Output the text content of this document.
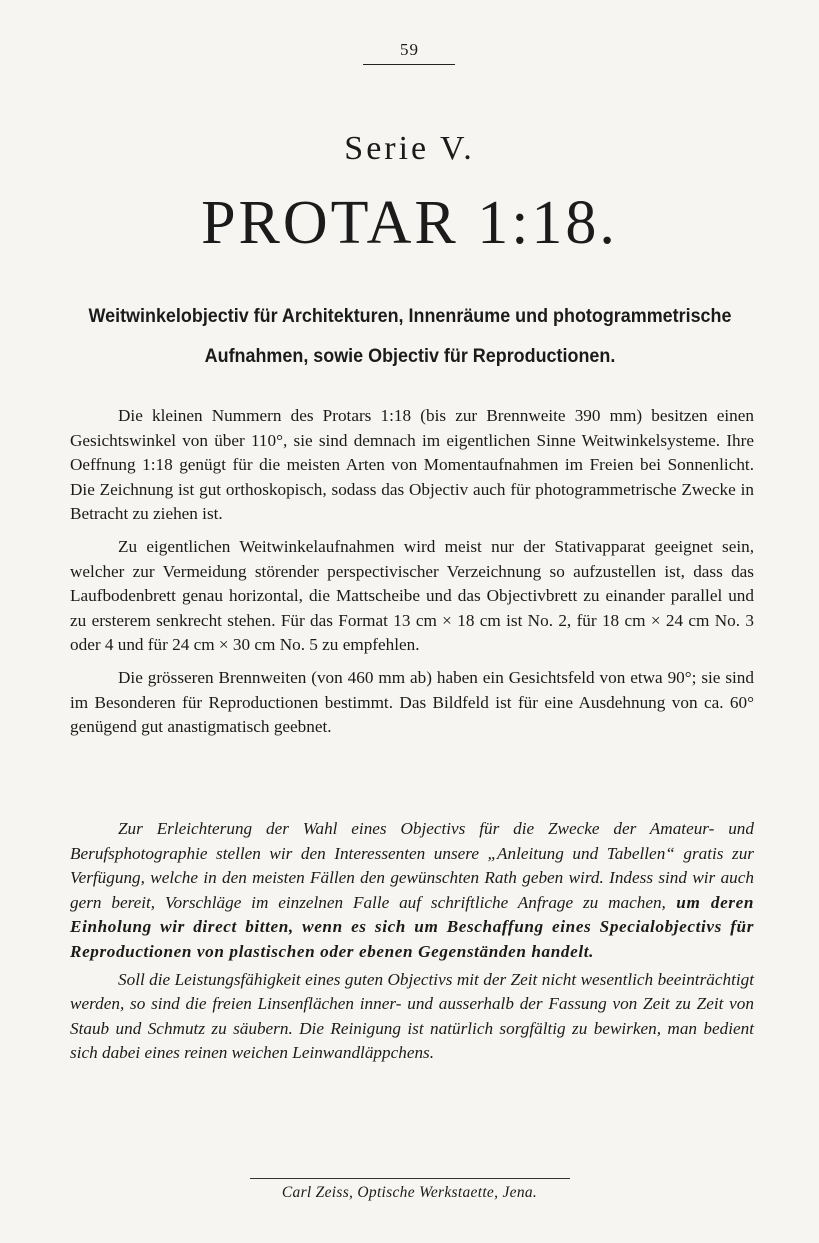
59
Serie V.
PROTAR 1:18.
Weitwinkelobjectiv für Architekturen, Innenräume und photogrammetrische Aufnahmen, sowie Objectiv für Reproductionen.

Die kleinen Nummern des Protars 1:18 (bis zur Brennweite 390 mm) besitzen einen Gesichtswinkel von über 110°, sie sind demnach im eigentlichen Sinne Weitwinkelsysteme. Ihre Oeffnung 1:18 genügt für die meisten Arten von Momentaufnahmen im Freien bei Sonnenlicht. Die Zeichnung ist gut orthoskopisch, sodass das Objectiv auch für photogrammetrische Zwecke in Betracht zu ziehen ist.

Zu eigentlichen Weitwinkelaufnahmen wird meist nur der Stativapparat geeignet sein, welcher zur Vermeidung störender perspectivischer Verzeichnung so aufzustellen ist, dass das Laufbodenbrett genau horizontal, die Mattscheibe und das Objectivbrett zu einander parallel und zu ersterem senkrecht stehen. Für das Format 13 cm × 18 cm ist No. 2, für 18 cm × 24 cm No. 3 oder 4 und für 24 cm × 30 cm No. 5 zu empfehlen.

Die grösseren Brennweiten (von 460 mm ab) haben ein Gesichtsfeld von etwa 90°; sie sind im Besonderen für Reproductionen bestimmt. Das Bildfeld ist für eine Ausdehnung von ca. 60° genügend gut anastigmatisch geebnet.

Zur Erleichterung der Wahl eines Objectivs für die Zwecke der Amateur- und Berufsphotographie stellen wir den Interessenten unsere „Anleitung und Tabellen“ gratis zur Verfügung, welche in den meisten Fällen den gewünschten Rath geben wird. Indess sind wir auch gern bereit, Vorschläge im einzelnen Falle auf schriftliche Anfrage zu machen, um deren Einholung wir direct bitten, wenn es sich um Beschaffung eines Specialobjectivs für Reproductionen von plastischen oder ebenen Gegenständen handelt.

Soll die Leistungsfähigkeit eines guten Objectivs mit der Zeit nicht wesentlich beeinträchtigt werden, so sind die freien Linsenflächen inner- und ausserhalb der Fassung von Zeit zu Zeit von Staub und Schmutz zu säubern. Die Reinigung ist natürlich sorgfältig zu bewirken, man bedient sich dabei eines reinen weichen Leinwandläppchens.

Carl Zeiss, Optische Werkstaette, Jena.
